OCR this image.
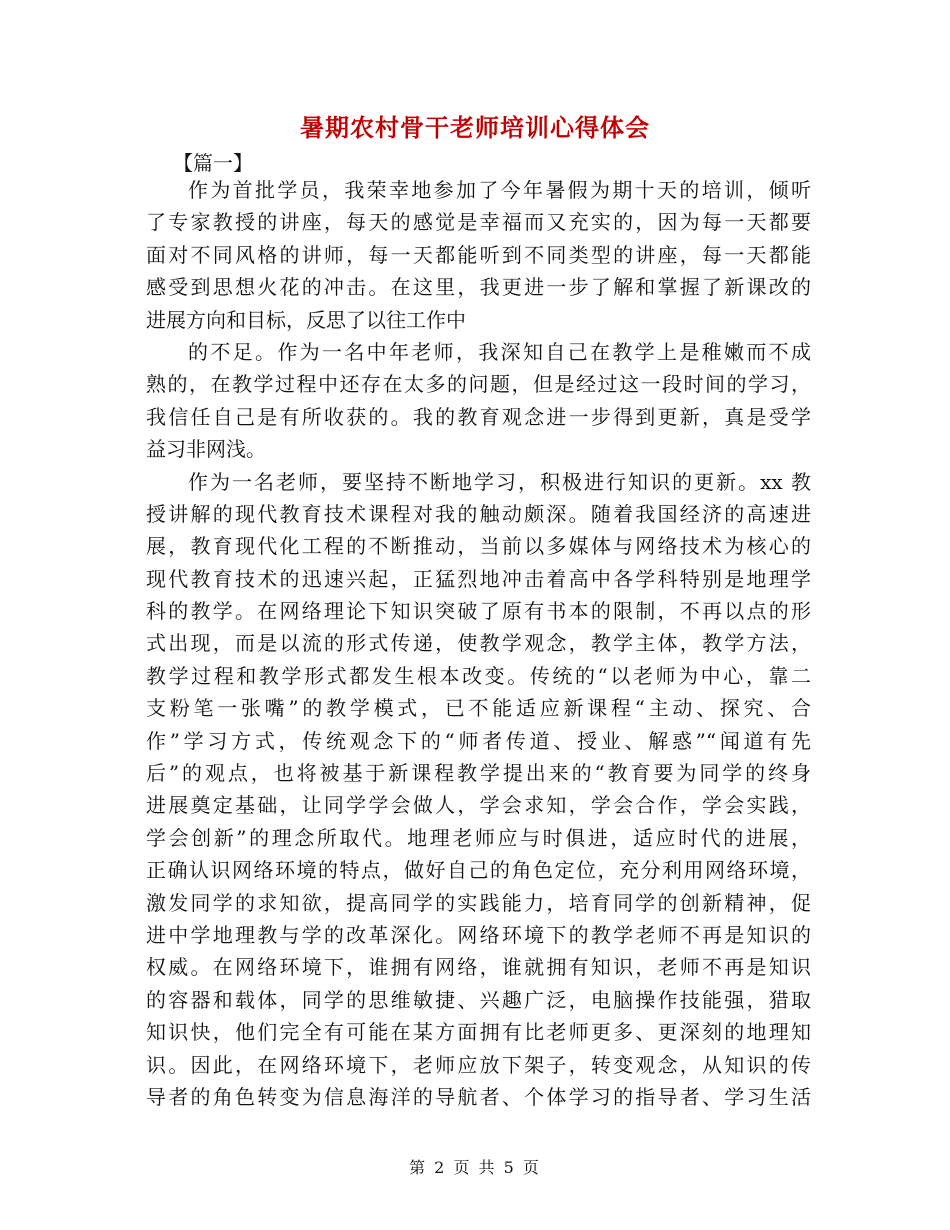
暑期农村骨干老师培训心得体会
【篇一】
作为首批学员，我荣幸地参加了今年暑假为期十天的培训，倾听
了专家教授的讲座，每天的感觉是幸福而又充实的，因为每一天都要
面对不同风格的讲师，每一天都能听到不同类型的讲座，每一天都能
感受到思想火花的冲击。在这里，我更进一步了解和掌握了新课改的
进展方向和目标，反思了以往工作中
的不足。作为一名中年老师，我深知自己在教学上是稚嫩而不成
熟的，在教学过程中还存在太多的问题，但是经过这一段时间的学习，
我信任自己是有所收获的。我的教育观念进一步得到更新，真是受学
益习非网浅。
作为一名老师，要坚持不断地学习，积极进行知识的更新。xx 教
授讲解的现代教育技术课程对我的触动颇深。随着我国经济的高速进
展，教育现代化工程的不断推动，当前以多媒体与网络技术为核心的
现代教育技术的迅速兴起，正猛烈地冲击着高中各学科特别是地理学
科的教学。在网络理论下知识突破了原有书本的限制，不再以点的形
式出现，而是以流的形式传递，使教学观念，教学主体，教学方法，
教学过程和教学形式都发生根本改变。传统的“以老师为中心，靠二
支粉笔一张嘴”的教学模式，已不能适应新课程“主动、探究、合
作”学习方式，传统观念下的“师者传道、授业、解惑”“闻道有先
后”的观点，也将被基于新课程教学提出来的“教育要为同学的终身
进展奠定基础，让同学学会做人，学会求知，学会合作，学会实践，
学会创新”的理念所取代。地理老师应与时俱进，适应时代的进展，
正确认识网络环境的特点，做好自己的角色定位，充分利用网络环境，
激发同学的求知欲，提高同学的实践能力，培育同学的创新精神，促
进中学地理教与学的改革深化。网络环境下的教学老师不再是知识的
权威。在网络环境下，谁拥有网络，谁就拥有知识，老师不再是知识
的容器和载体，同学的思维敏捷、兴趣广泛，电脑操作技能强，猎取
知识快，他们完全有可能在某方面拥有比老师更多、更深刻的地理知
识。因此，在网络环境下，老师应放下架子，转变观念，从知识的传
导者的角色转变为信息海洋的导航者、个体学习的指导者、学习生活
第 2 页 共 5 页
